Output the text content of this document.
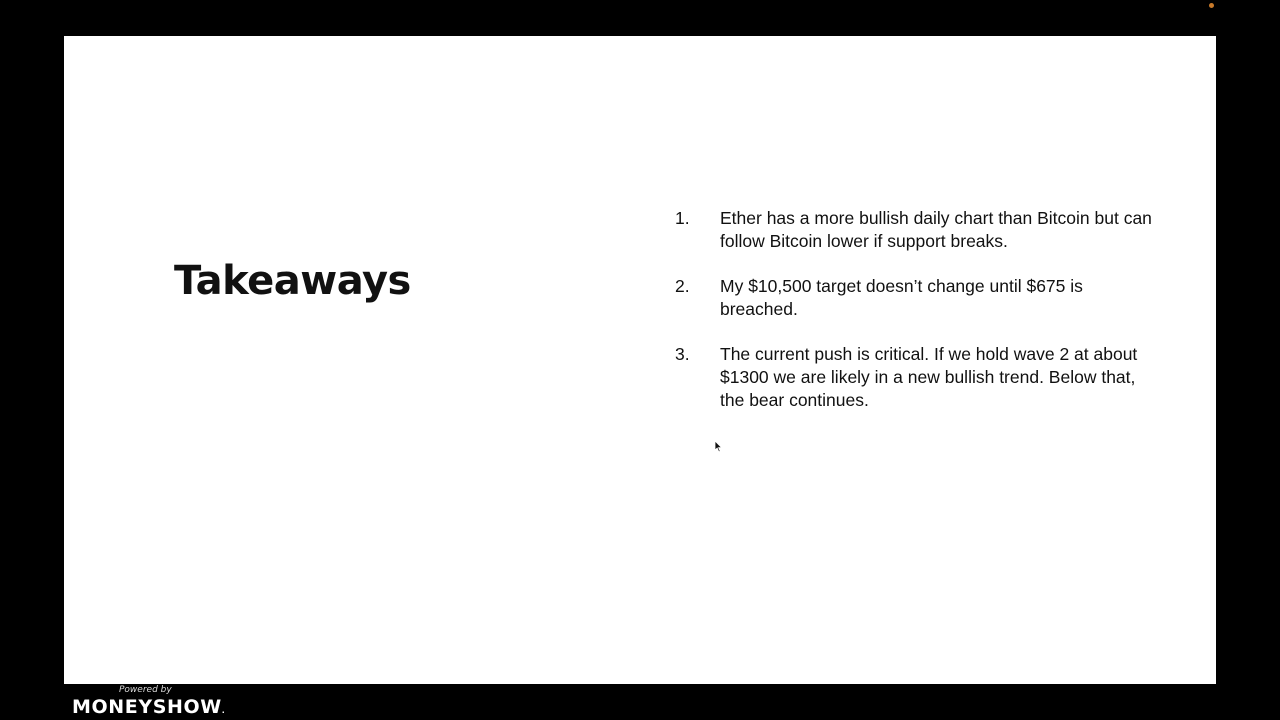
Takeaways
1.	Ether has a more bullish daily chart than Bitcoin but can follow Bitcoin lower if support breaks.
2.	My $10,500 target doesn’t change until $675 is breached.
3.	The current push is critical. If we hold wave 2 at about $1300 we are likely in a new bullish trend. Below that, the bear continues.
Powered by
MONEYSHOW.
